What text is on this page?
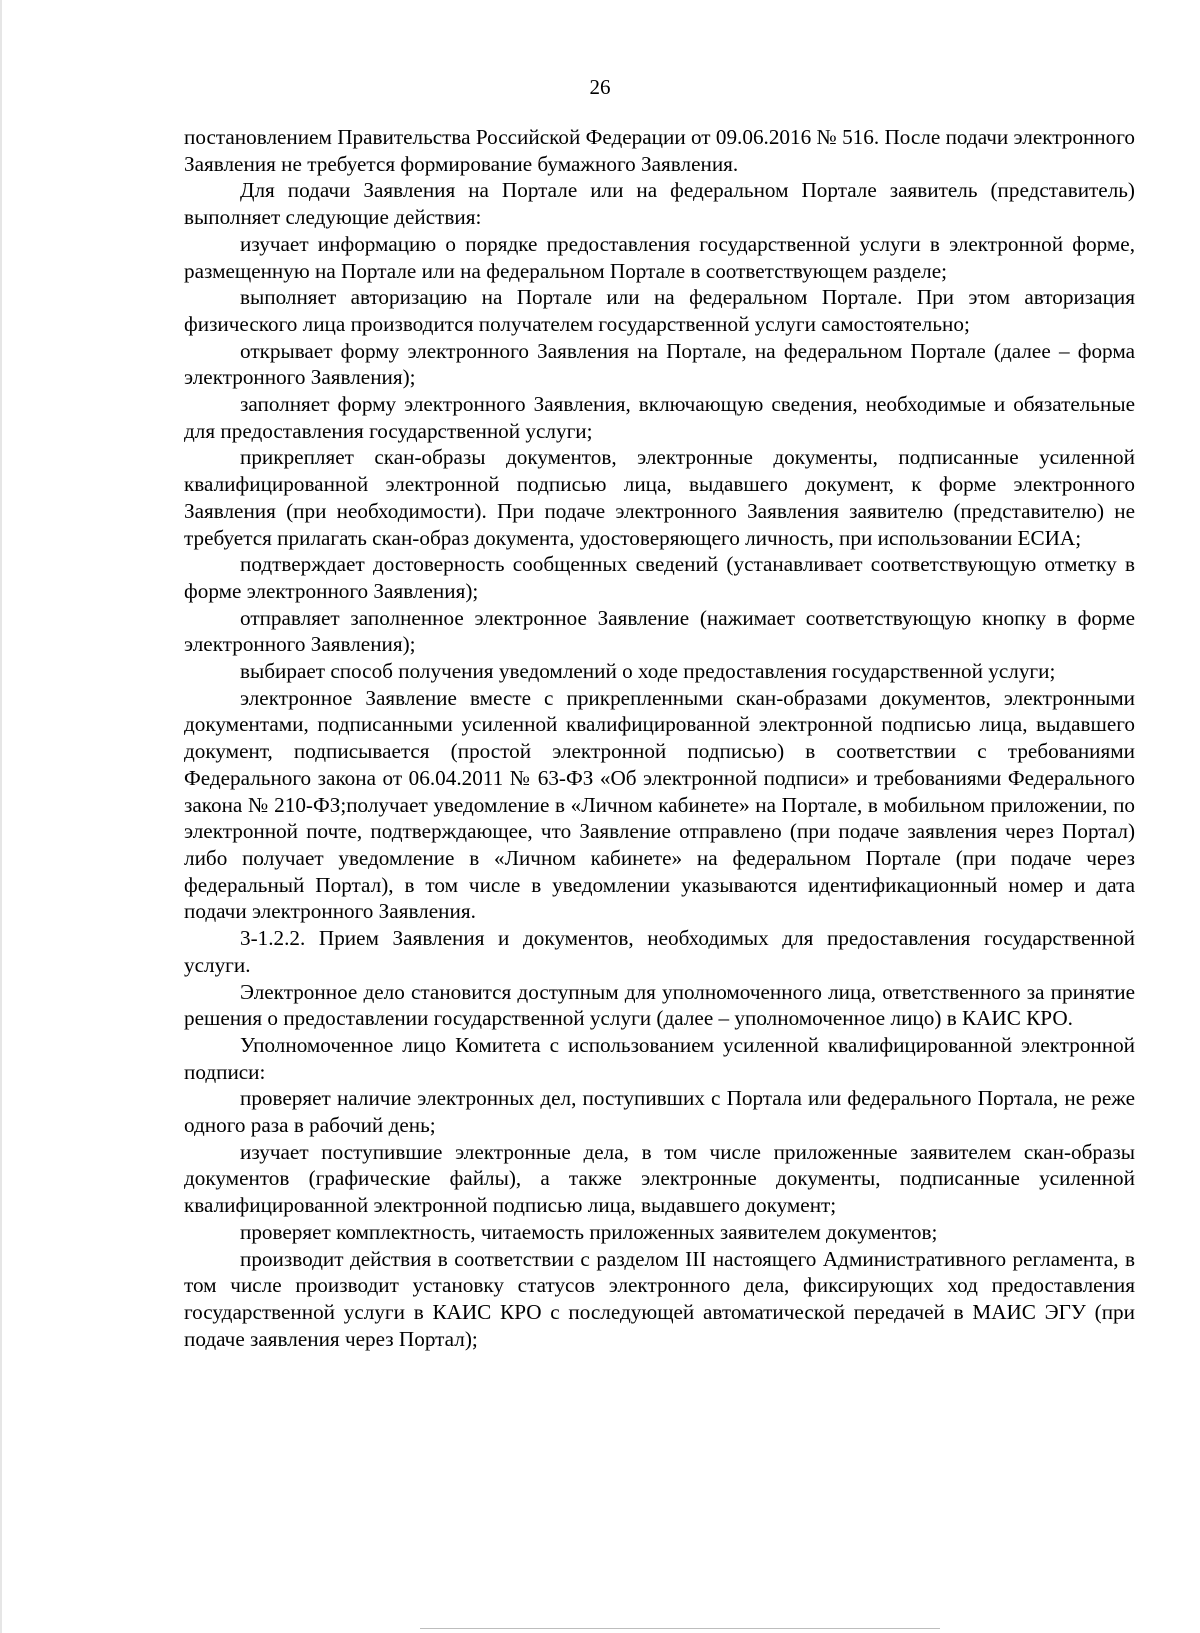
26

постановлением Правительства Российской Федерации от 09.06.2016 № 516. После подачи электронного Заявления не требуется формирование бумажного Заявления.

Для подачи Заявления на Портале или на федеральном Портале заявитель (представитель) выполняет следующие действия:

изучает информацию о порядке предоставления государственной услуги в электронной форме, размещенную на Портале или на федеральном Портале в соответствующем разделе;

выполняет авторизацию на Портале или на федеральном Портале. При этом авторизация физического лица производится получателем государственной услуги самостоятельно;

открывает форму электронного Заявления на Портале, на федеральном Портале (далее – форма электронного Заявления);

заполняет форму электронного Заявления, включающую сведения, необходимые и обязательные для предоставления государственной услуги;

прикрепляет скан-образы документов, электронные документы, подписанные усиленной квалифицированной электронной подписью лица, выдавшего документ, к форме электронного Заявления (при необходимости). При подаче электронного Заявления заявителю (представителю) не требуется прилагать скан-образ документа, удостоверяющего личность, при использовании ЕСИА;

подтверждает достоверность сообщенных сведений (устанавливает соответствующую отметку в форме электронного Заявления);

отправляет заполненное электронное Заявление (нажимает соответствующую кнопку в форме электронного Заявления);

выбирает способ получения уведомлений о ходе предоставления государственной услуги;

электронное Заявление вместе с прикрепленными скан-образами документов, электронными документами, подписанными усиленной квалифицированной электронной подписью лица, выдавшего документ, подписывается (простой электронной подписью) в соответствии с требованиями Федерального закона от 06.04.2011 № 63-ФЗ «Об электронной подписи» и требованиями Федерального закона № 210-ФЗ;получает уведомление в «Личном кабинете» на Портале, в мобильном приложении, по электронной почте, подтверждающее, что Заявление отправлено (при подаче заявления через Портал) либо получает уведомление в «Личном кабинете» на федеральном Портале (при подаче через федеральный Портал), в том числе в уведомлении указываются идентификационный номер и дата подачи электронного Заявления.

3-1.2.2. Прием Заявления и документов, необходимых для предоставления государственной услуги.

Электронное дело становится доступным для уполномоченного лица, ответственного за принятие решения о предоставлении государственной услуги (далее – уполномоченное лицо) в КАИС КРО.

Уполномоченное лицо Комитета с использованием усиленной квалифицированной электронной подписи:

проверяет наличие электронных дел, поступивших с Портала или федерального Портала, не реже одного раза в рабочий день;

изучает поступившие электронные дела, в том числе приложенные заявителем скан-образы документов (графические файлы), а также электронные документы, подписанные усиленной квалифицированной электронной подписью лица, выдавшего документ;

проверяет комплектность, читаемость приложенных заявителем документов;

производит действия в соответствии с разделом III настоящего Административного регламента, в том числе производит установку статусов электронного дела, фиксирующих ход предоставления государственной услуги в КАИС КРО с последующей автоматической передачей в МАИС ЭГУ (при подаче заявления через Портал);
